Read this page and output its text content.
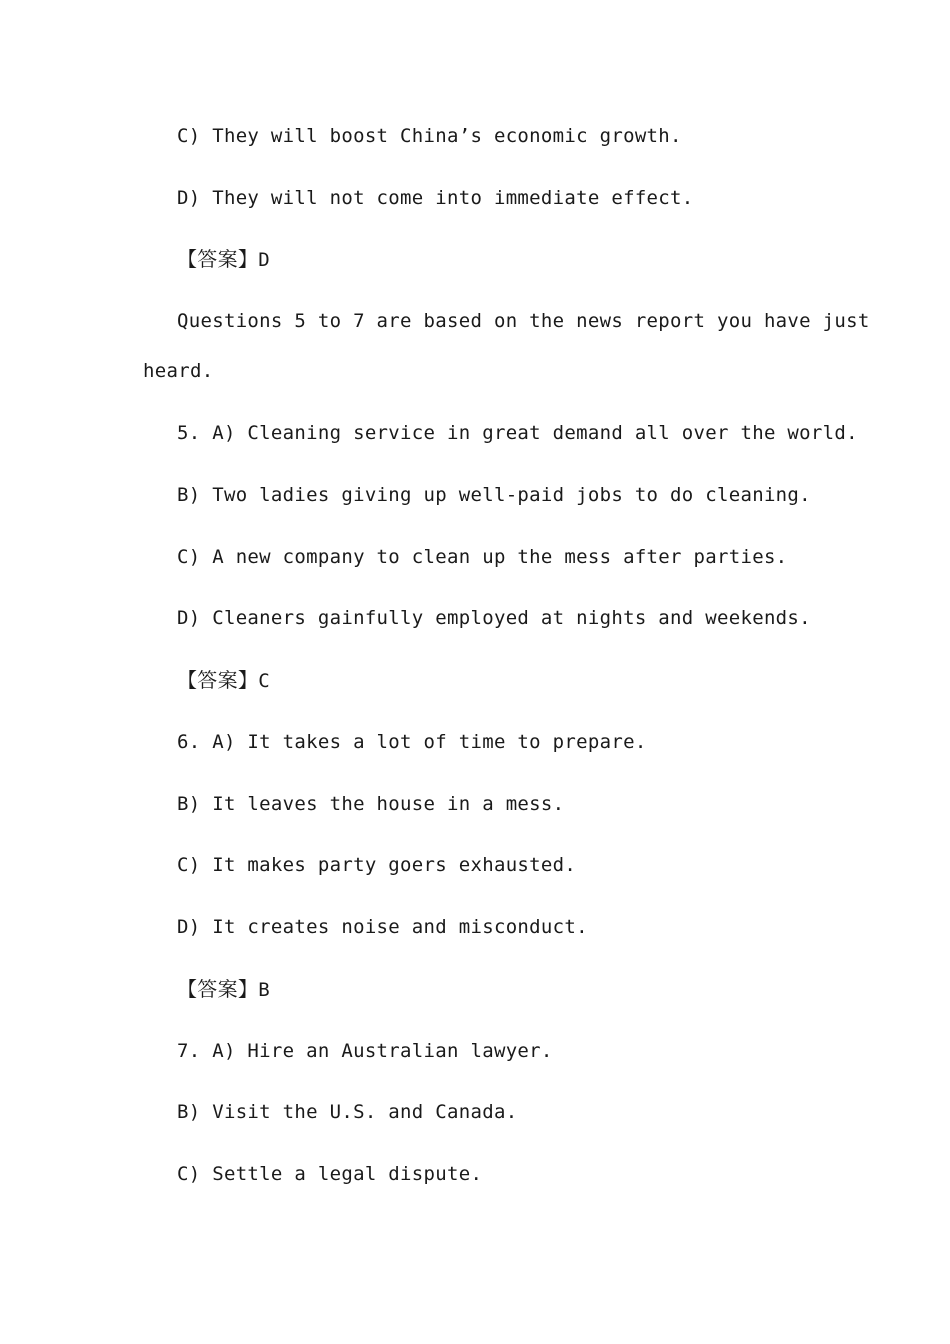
C) They will boost China’s economic growth.
D) They will not come into immediate effect.
【答案】D
Questions 5 to 7 are based on the news report you have just
heard.
5. A) Cleaning service in great demand all over the world.
B) Two ladies giving up well-paid jobs to do cleaning.
C) A new company to clean up the mess after parties.
D) Cleaners gainfully employed at nights and weekends.
【答案】C
6. A) It takes a lot of time to prepare.
B) It leaves the house in a mess.
C) It makes party goers exhausted.
D) It creates noise and misconduct.
【答案】B
7. A) Hire an Australian lawyer.
B) Visit the U.S. and Canada.
C) Settle a legal dispute.
